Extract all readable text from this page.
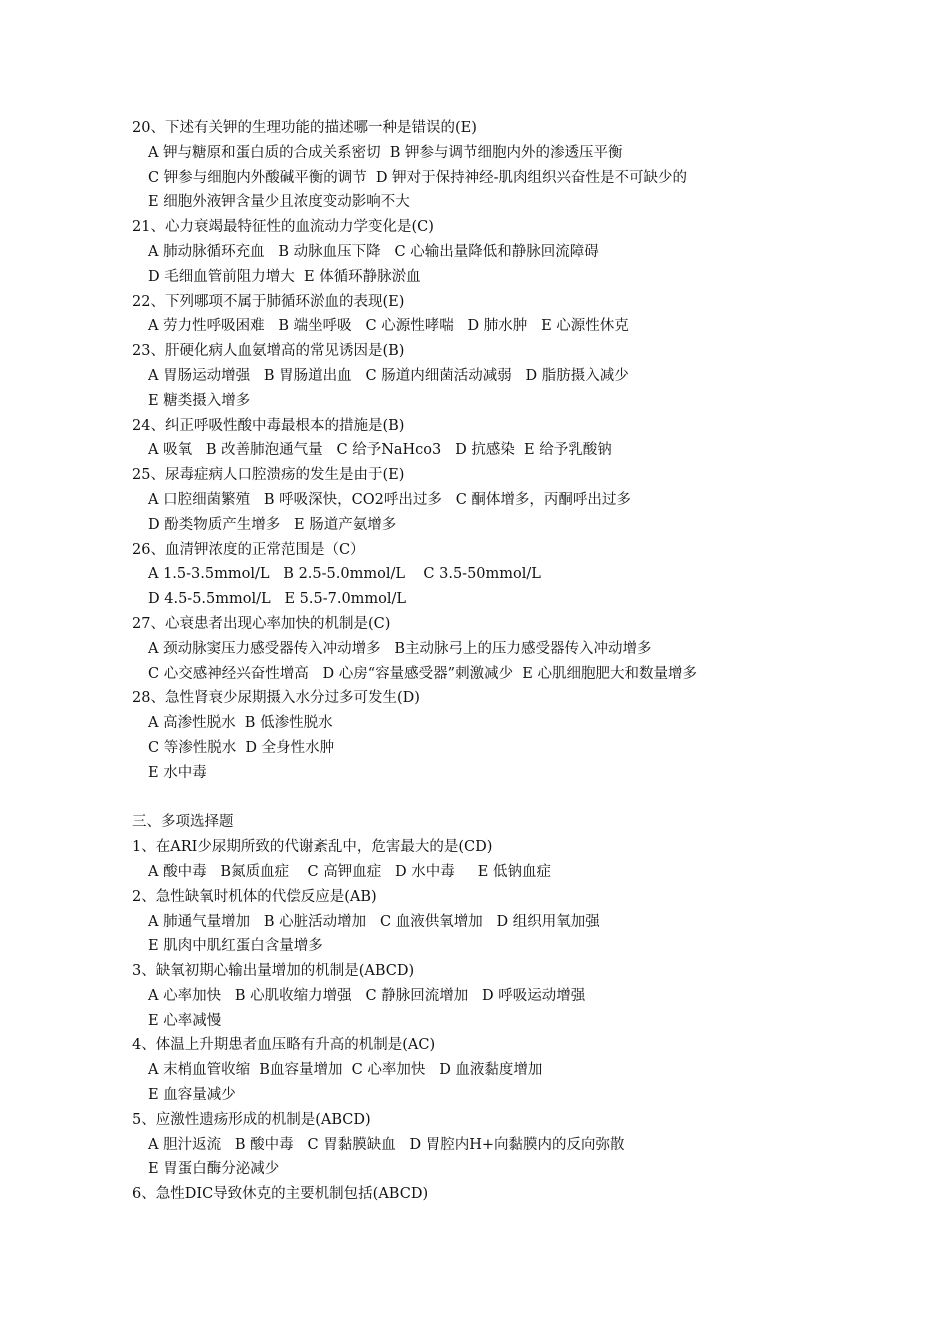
20、下述有关钾的生理功能的描述哪一种是错误的(E)
A 钾与糖原和蛋白质的合成关系密切  B 钾参与调节细胞内外的渗透压平衡
C 钾参与细胞内外酸碱平衡的调节  D 钾对于保持神经-肌肉组织兴奋性是不可缺少的
E 细胞外液钾含量少且浓度变动影响不大
21、心力衰竭最特征性的血流动力学变化是(C)
A 肺动脉循环充血   B 动脉血压下降   C 心输出量降低和静脉回流障碍
D 毛细血管前阻力增大  E 体循环静脉淤血
22、下列哪项不属于肺循环淤血的表现(E)
A 劳力性呼吸困难   B 端坐呼吸   C 心源性哮喘   D 肺水肿   E 心源性休克
23、肝硬化病人血氨增高的常见诱因是(B)
A 胃肠运动增强   B 胃肠道出血   C 肠道内细菌活动减弱   D 脂肪摄入减少
E 糖类摄入增多
24、纠正呼吸性酸中毒最根本的措施是(B)
A 吸氧   B 改善肺泡通气量   C 给予NaHco3   D 抗感染  E 给予乳酸钠
25、尿毒症病人口腔溃疡的发生是由于(E)
A 口腔细菌繁殖   B 呼吸深快，CO2呼出过多   C 酮体增多，丙酮呼出过多
D 酚类物质产生增多   E 肠道产氨增多
26、血清钾浓度的正常范围是（C）
A 1.5-3.5mmol/L   B 2.5-5.0mmol/L    C 3.5-50mmol/L
D 4.5-5.5mmol/L   E 5.5-7.0mmol/L
27、心衰患者出现心率加快的机制是(C)
A 颈动脉窦压力感受器传入冲动增多   B主动脉弓上的压力感受器传入冲动增多
C 心交感神经兴奋性增高   D 心房“容量感受器”刺激减少  E 心肌细胞肥大和数量增多
28、急性肾衰少尿期摄入水分过多可发生(D)
A 高渗性脱水  B 低渗性脱水
C 等渗性脱水  D 全身性水肿
E 水中毒
三、多项选择题
1、在ARI少尿期所致的代谢紊乱中，危害最大的是(CD)
A 酸中毒   B氮质血症    C 高钾血症   D 水中毒     E 低钠血症
2、急性缺氧时机体的代偿反应是(AB)
A 肺通气量增加   B 心脏活动增加   C 血液供氧增加   D 组织用氧加强
E 肌肉中肌红蛋白含量增多
3、缺氧初期心输出量增加的机制是(ABCD)
A 心率加快   B 心肌收缩力增强   C 静脉回流增加   D 呼吸运动增强
E 心率减慢
4、体温上升期患者血压略有升高的机制是(AC)
A 末梢血管收缩  B血容量增加  C 心率加快   D 血液黏度增加
E 血容量减少
5、应激性遗疡形成的机制是(ABCD)
A 胆汁返流   B 酸中毒   C 胃黏膜缺血   D 胃腔内H+向黏膜内的反向弥散
E 胃蛋白酶分泌减少
6、急性DIC导致休克的主要机制包括(ABCD)
